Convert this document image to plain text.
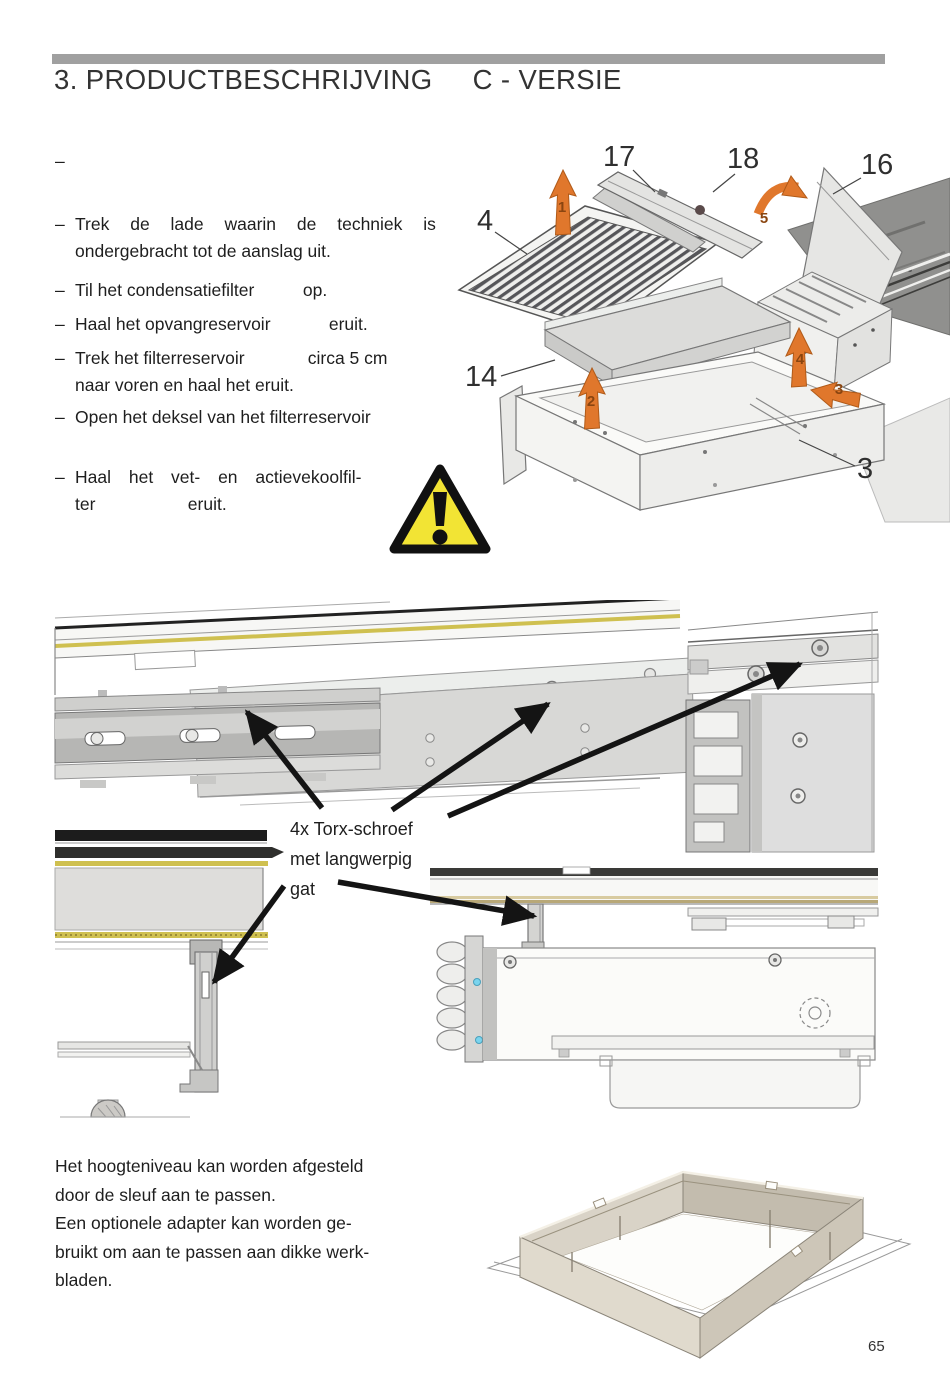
3. PRODUCTBESCHRIJVING C - VERSIE
–
– Trek de lade waarin de techniek is
ondergebracht tot de aanslag uit.
– Til het condensatiefilter          op.
– Haal het opvangreservoir            eruit.
– Trek het filterreservoir             circa 5 cm
naar voren en haal het eruit.
– Open het deksel van het filterreservoir
– Haal het vet- en actievekoolfil-
ter                   eruit.
1
2
3
4
5
17	18	16
4
14
3
4x Torx-schroef
met langwerpig
gat
Het hoogteniveau kan worden afgesteld
door de sleuf aan te passen.
Een optionele adapter kan worden ge-
bruikt om aan te passen aan dikke werk-
bladen.
65
